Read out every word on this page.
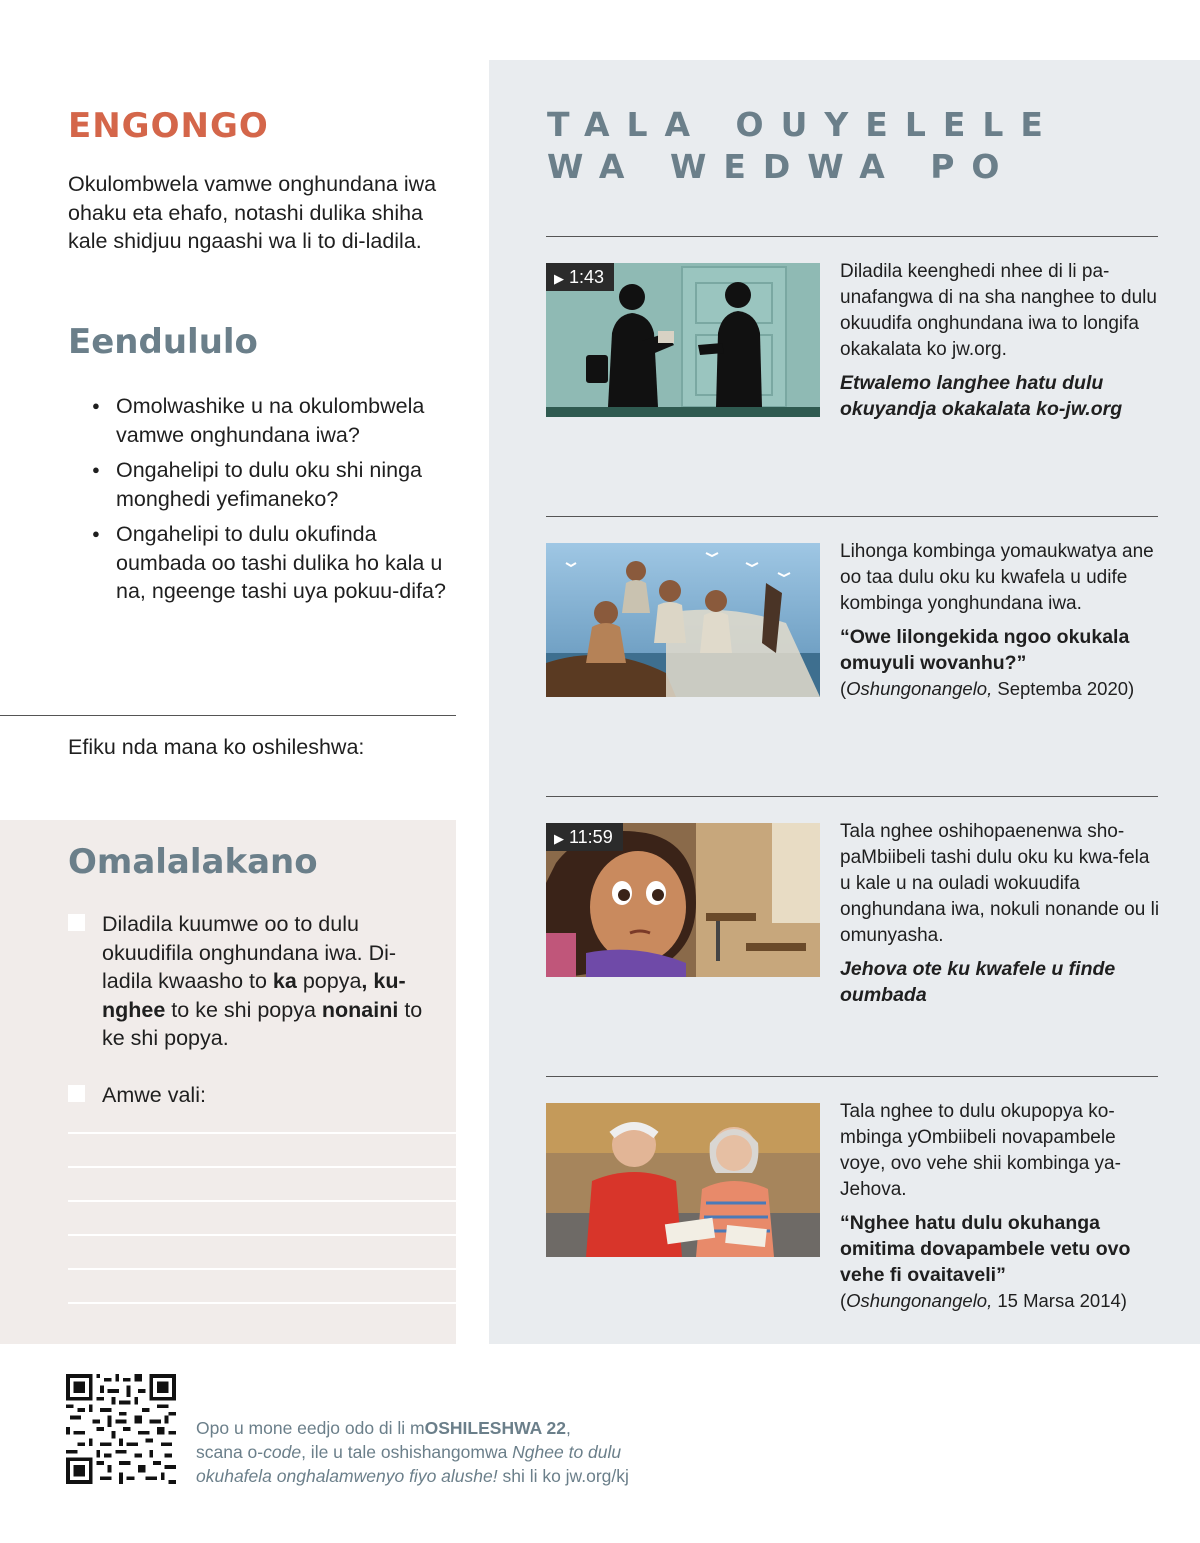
ENGONGO

Okulombwela vamwe onghundana iwa ohaku eta ehafo, notashi dulika shiha kale shidjuu ngaashi wa li to di-ladila.

Eendululo
● Omolwashike u na okulombwela vamwe onghundana iwa?
● Ongahelipi to dulu oku shi ninga monghedi yefimaneko?
● Ongahelipi to dulu okufinda oumbada oo tashi dulika ho kala u na, ngeenge tashi uya pokuu-difa?

Efiku nda mana ko oshileshwa:

Omalalakano
Diladila kuumwe oo to dulu okuudifila onghundana iwa. Di-ladila kwaasho to ka popya, ku-nghee to ke shi popya nonaini to ke shi popya.
Amwe vali:
TALA OUYELELE WA WEDWA PO
▶ 1:43	Diladila keenghedi nhee di li pa-unafangwa di na sha nanghee to dulu okuudifa onghundana iwa to longifa okakalata ko jw.org.

Etwalemo langhee hatu dulu okuyandja okakalata ko-jw.org

Lihonga kombinga yomaukwatya ane oo taa dulu oku ku kwafela u udife kombinga yonghundana iwa.

“Owe lilongekida ngoo okukala omuyuli wovanhu?”
(Oshungonangelo, Septemba 2020)

▶ 11:59	Tala nghee oshihopaenenwa sho-paMbiibeli tashi dulu oku ku kwa-fela u kale u na ouladi wokuudifa onghundana iwa, nokuli nonande ou li omunyasha.

Jehova ote ku kwafele u finde oumbada

Tala nghee to dulu okupopya ko-mbinga yOmbiibeli novapambele voye, ovo vehe shii kombinga ya-Jehova.

“Nghee hatu dulu okuhanga omitima dovapambele vetu ovo vehe fi ovaitaveli”
(Oshungonangelo, 15 Marsa 2014)

Opo u mone eedjo odo di li mOSHILESHWA 22,
scana o-code, ile u tale oshishangomwa Nghee to dulu
okuhafela onghalamwenyo fiyo alushe! shi li ko jw.org/kj
